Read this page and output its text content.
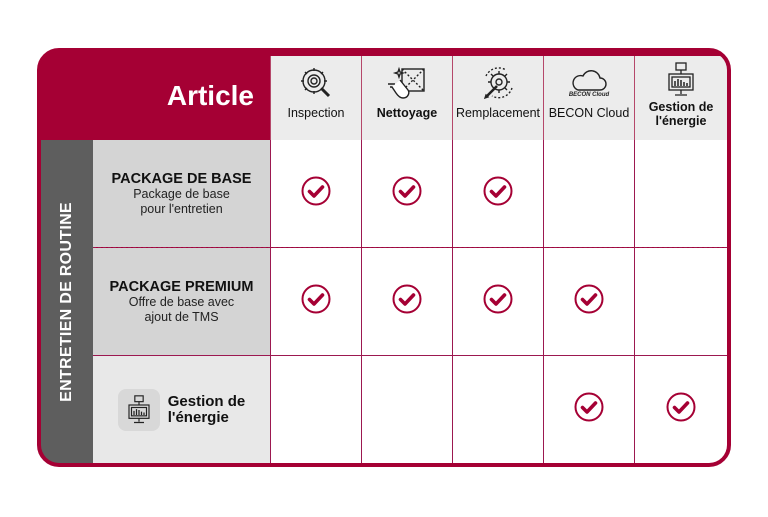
Article
Inspection	Nettoyage Remplacement
BECON Cloud
BECON Cloud Gestion de
l'énergie
ENTRETIEN DE ROUTINE
PACKAGE DE BASE
Package de base
pour l'entretien
PACKAGE PREMIUM
Offre de base avec
ajout de TMS
Gestion de
l'énergie
